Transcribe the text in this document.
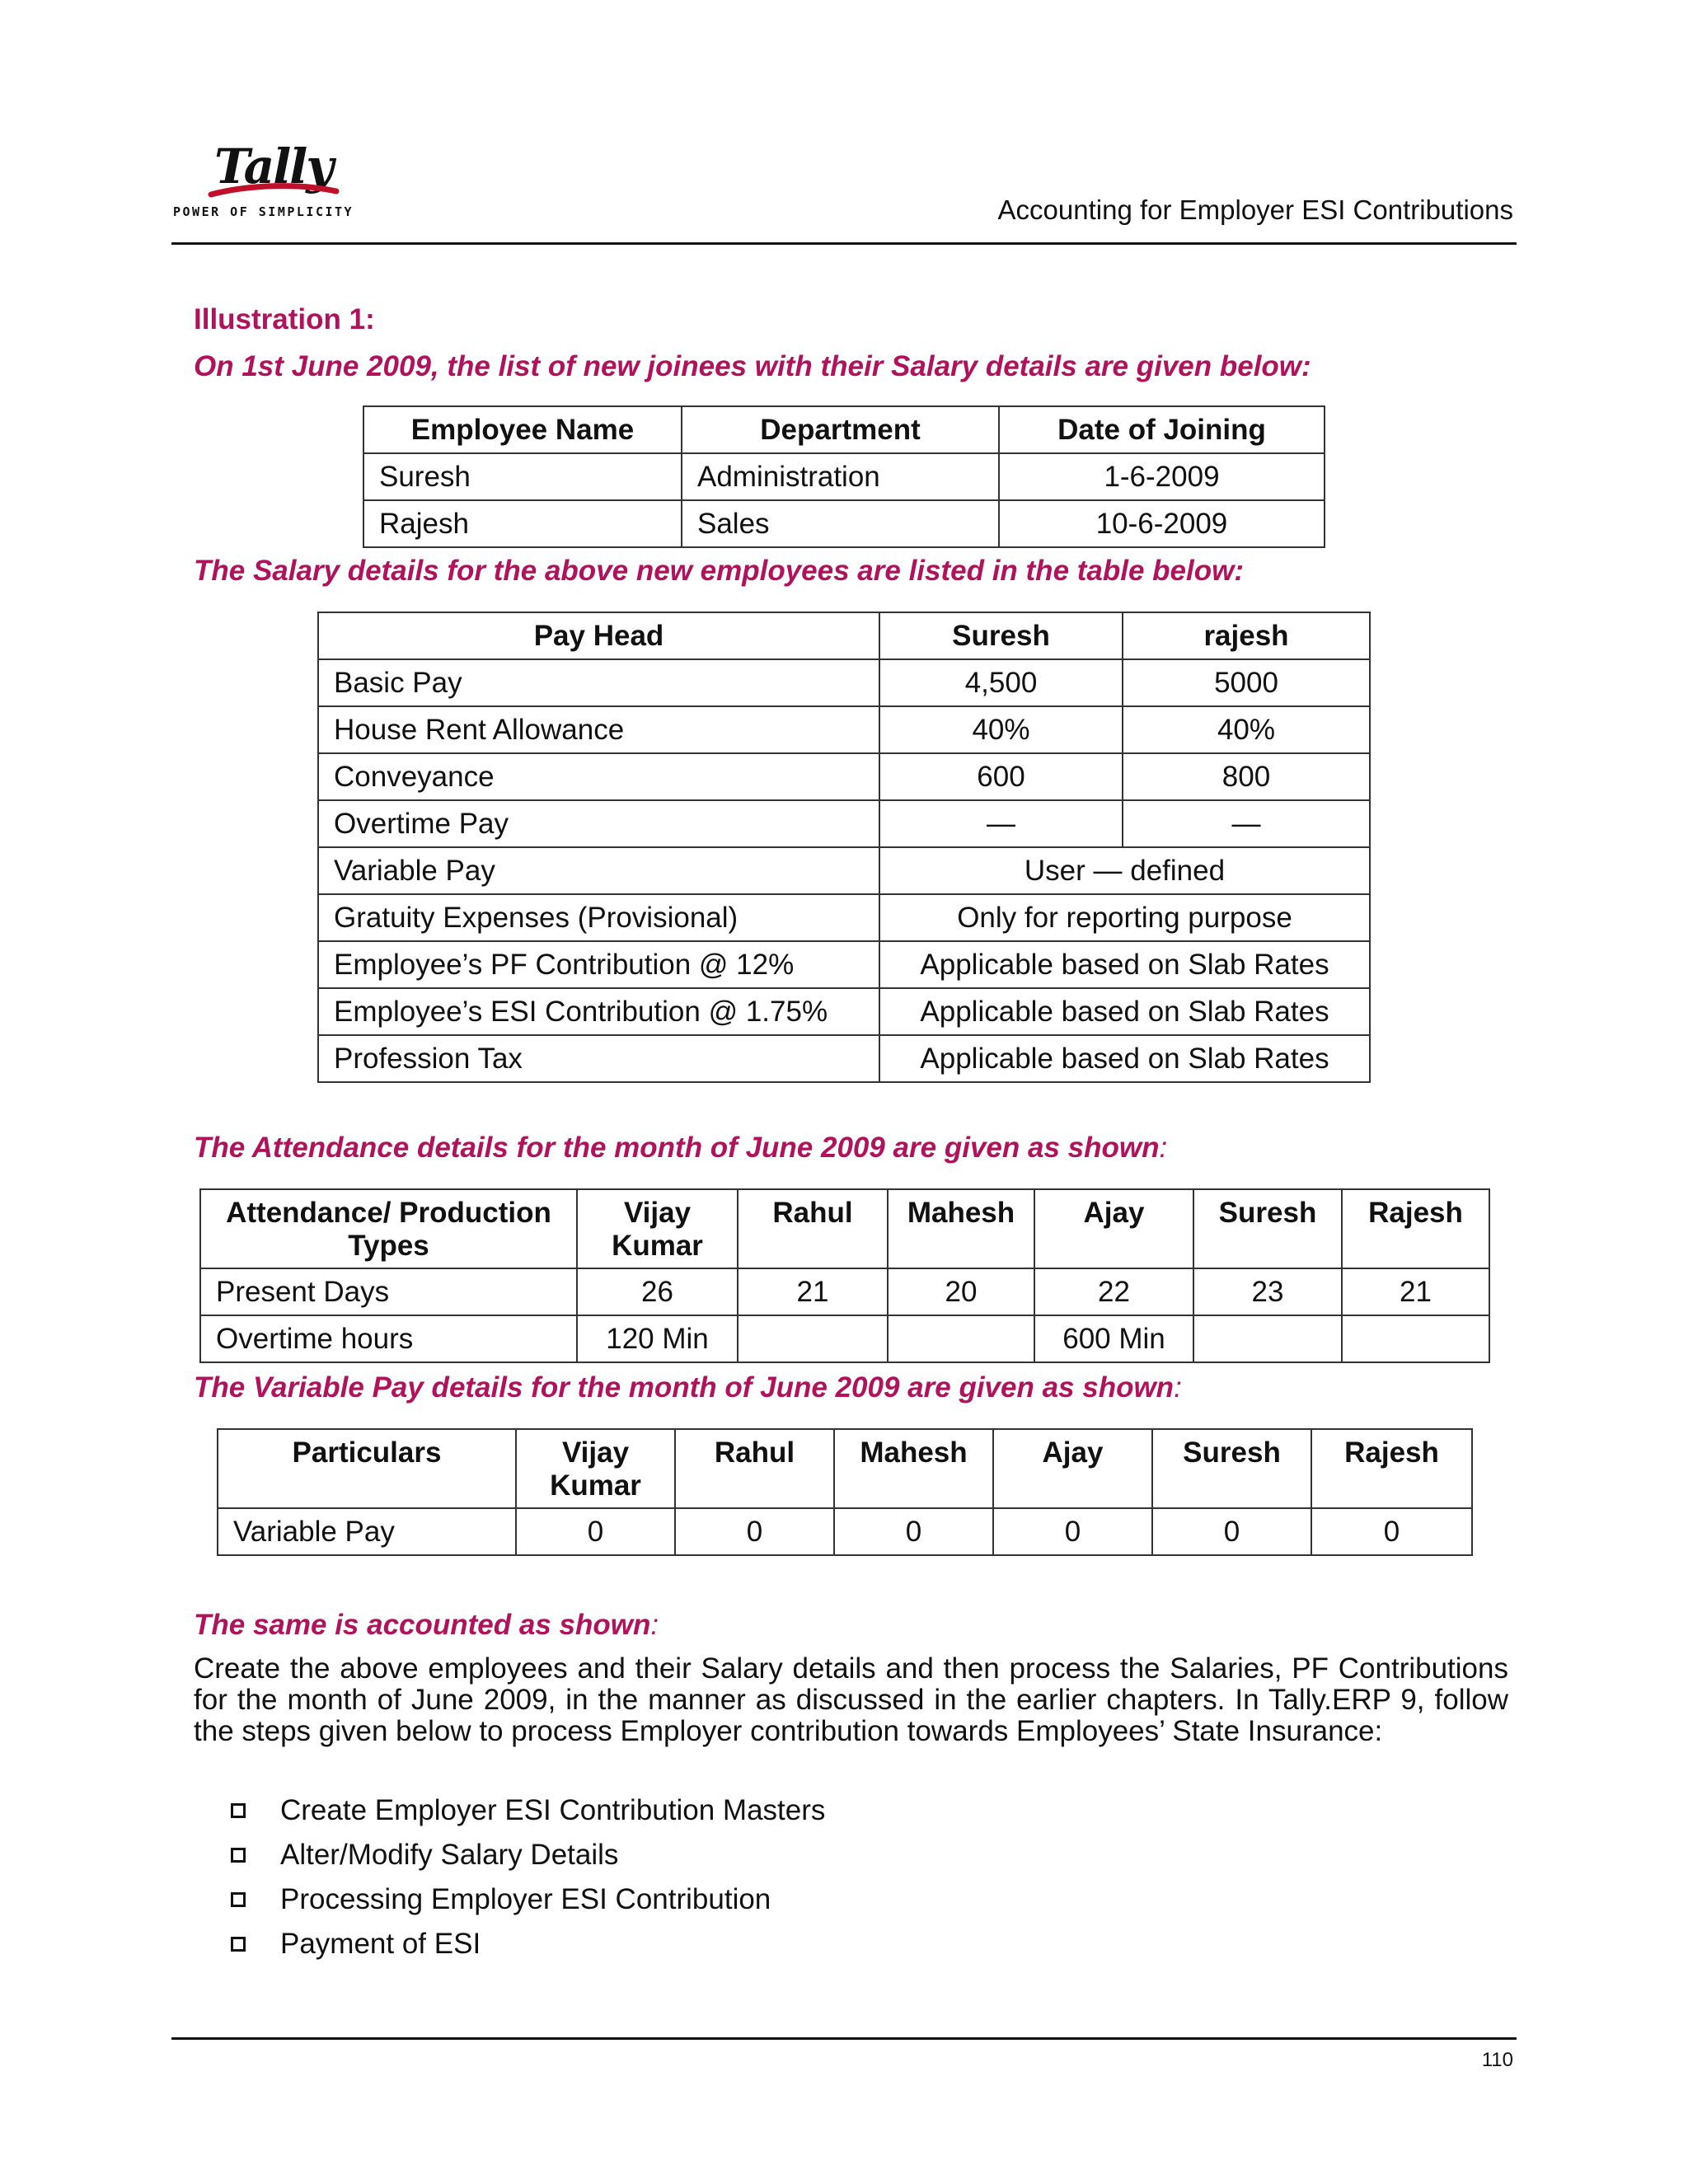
Tally
POWER OF SIMPLICITY	Accounting for Employer ESI Contributions
Illustration 1:
On 1st June 2009, the list of new joinees with their Salary details are given below:
Employee Name	Department	Date of Joining
Suresh	Administration	1-6-2009
Rajesh	Sales	10-6-2009
The Salary details for the above new employees are listed in the table below:
Pay Head	Suresh	rajesh
Basic Pay	4,500	5000
House Rent Allowance	40%	40%
Conveyance	600	800
Overtime Pay	—	—
Variable Pay	User — defined	
Gratuity Expenses (Provisional)	Only for reporting purpose	
Employee’s PF Contribution @ 12%	Applicable based on Slab Rates	
Employee’s ESI Contribution @ 1.75%	Applicable based on Slab Rates	
Profession Tax	Applicable based on Slab Rates	
The Attendance details for the month of June 2009 are given as shown:
Attendance/ Production Types	Vijay Kumar	Rahul	Mahesh	Ajay	Suresh	Rajesh
Present Days	26	21	20	22	23	21
Overtime hours	120 Min			600 Min		
The Variable Pay details for the month of June 2009 are given as shown:
Particulars	Vijay Kumar	Rahul	Mahesh	Ajay	Suresh	Rajesh
Variable Pay	0	0	0	0	0	0
The same is accounted as shown:
Create the above employees and their Salary details and then process the Salaries, PF Contributions for the month of June 2009, in the manner as discussed in the earlier chapters. In Tally.ERP 9, follow the steps given below to process Employer contribution towards Employees’ State Insurance:
Create Employer ESI Contribution Masters
Alter/Modify Salary Details
Processing Employer ESI Contribution
Payment of ESI
110
